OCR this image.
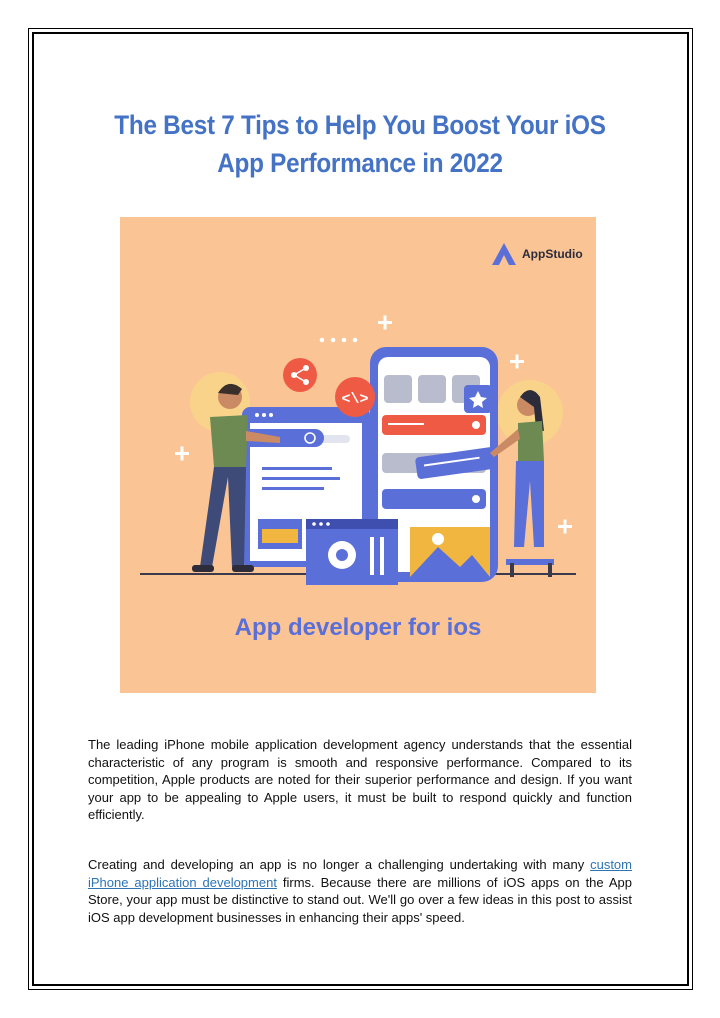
The Best 7 Tips to Help You Boost Your iOS
App Performance in 2022
AppStudio
<\>
App developer for ios

The leading iPhone mobile application development agency understands that the essential characteristic of any program is smooth and responsive performance. Compared to its competition, Apple products are noted for their superior performance and design. If you want your app to be appealing to Apple users, it must be built to respond quickly and function efficiently.

Creating and developing an app is no longer a challenging undertaking with many custom iPhone application development firms. Because there are millions of iOS apps on the App Store, your app must be distinctive to stand out. We'll go over a few ideas in this post to assist iOS app development businesses in enhancing their apps' speed.
